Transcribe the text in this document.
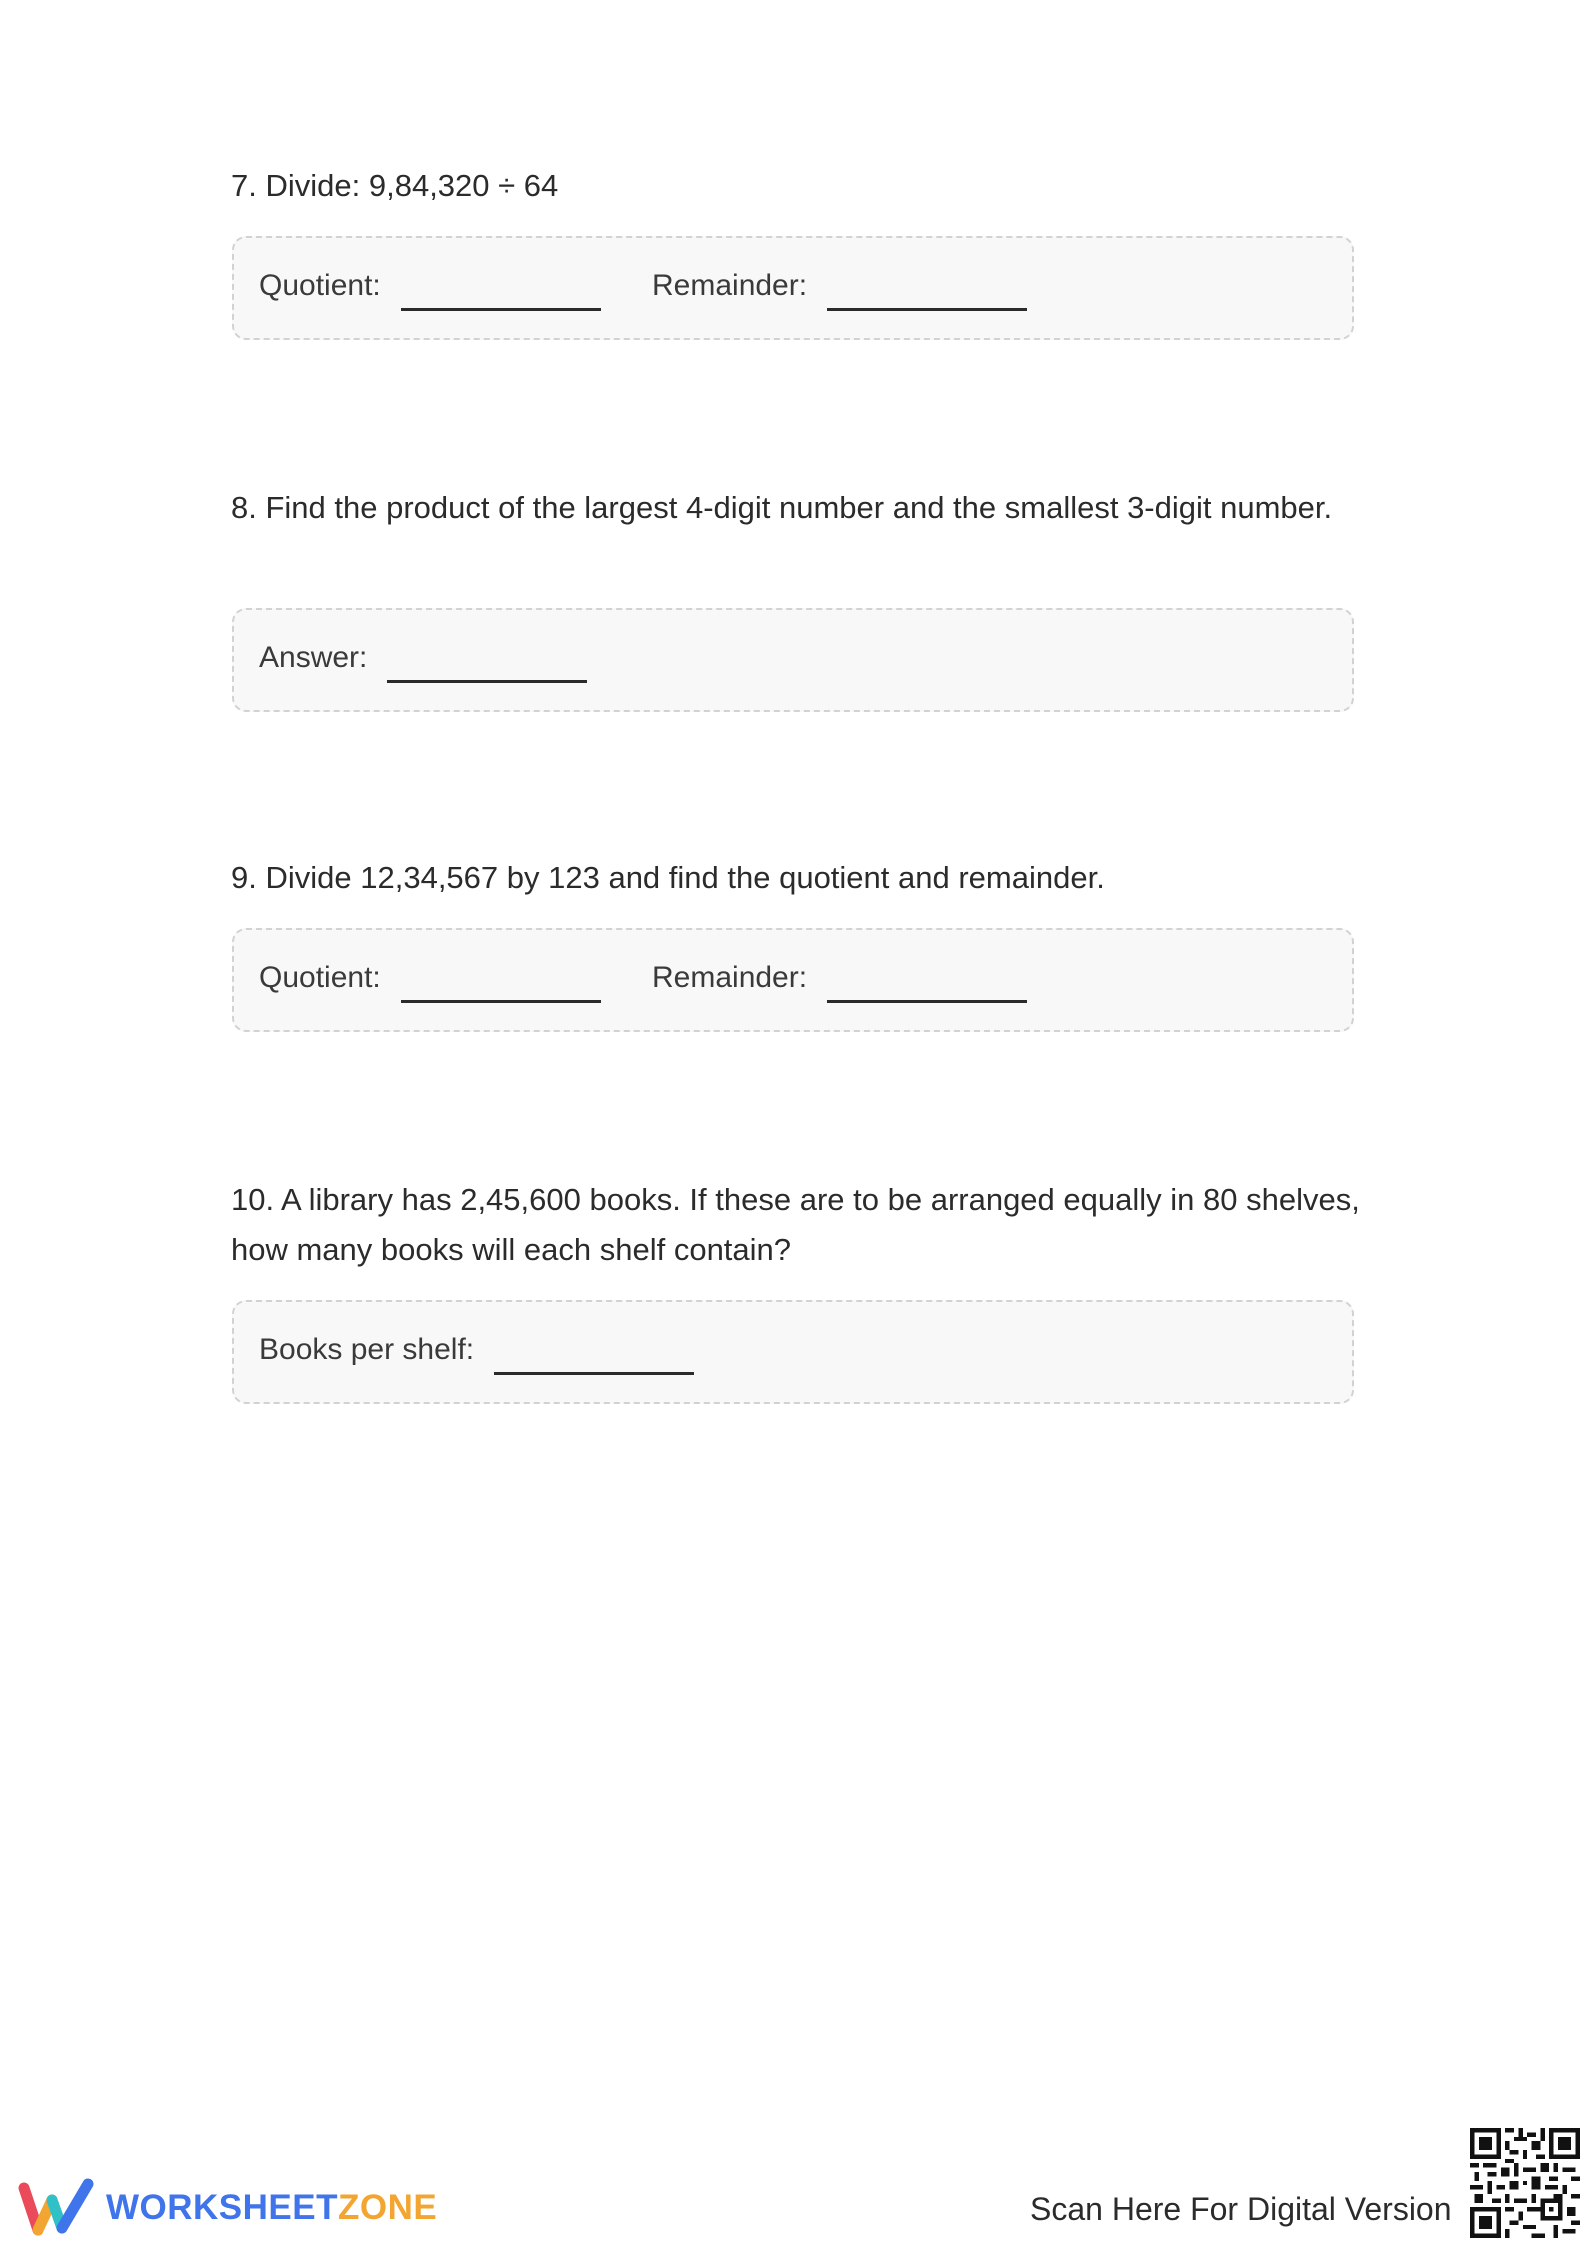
7. Divide: 9,84,320 ÷ 64

Quotient:	Remainder:

8. Find the product of the largest 4-digit number and the smallest 3-digit number.

Answer:

9. Divide 12,34,567 by 123 and find the quotient and remainder.

Quotient:	Remainder:

10. A library has 2,45,600 books. If these are to be arranged equally in 80 shelves, how many books will each shelf contain?

Books per shelf:
WORKSHEETZONE	Scan Here For Digital Version
